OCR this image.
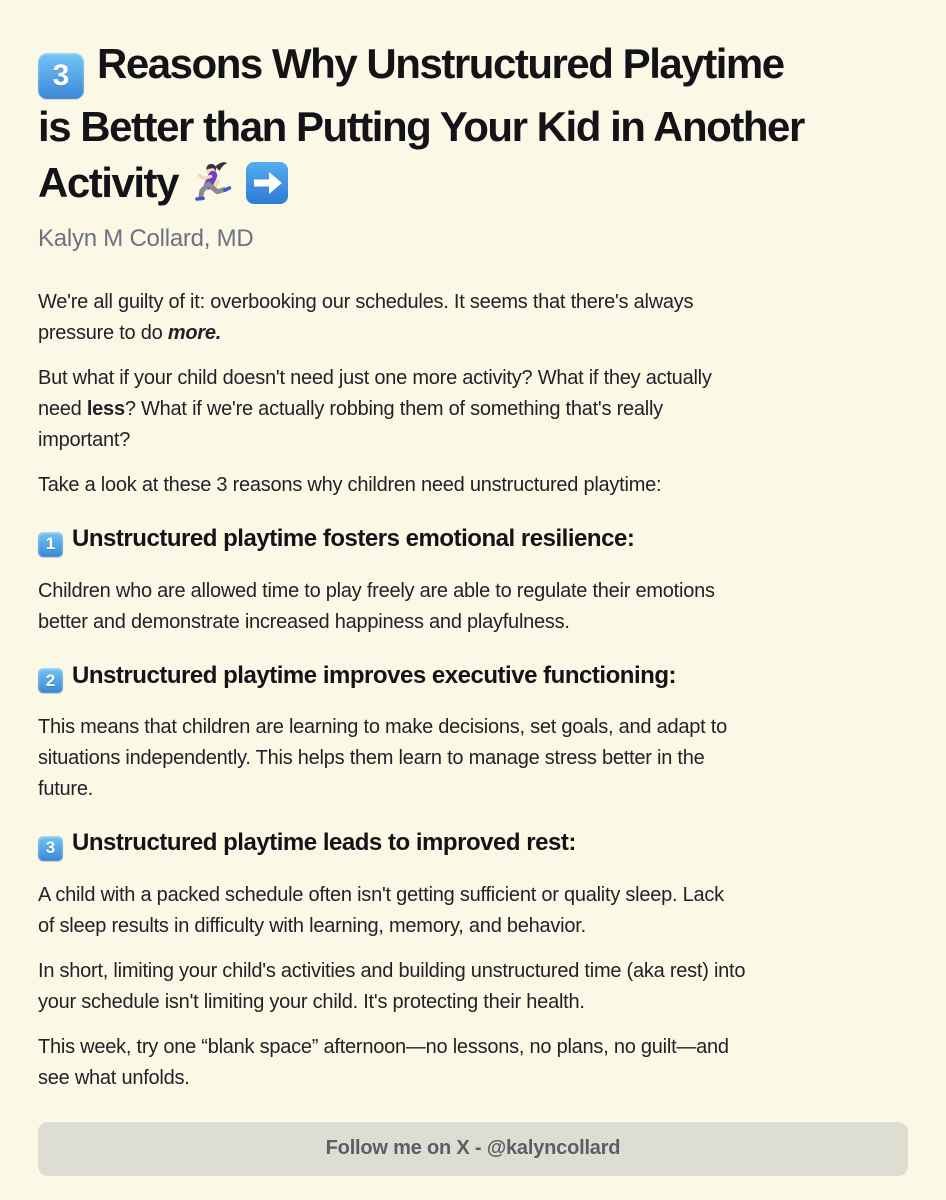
3 Reasons Why Unstructured Playtime
is Better than Putting Your Kid in Another
Activity
Kalyn M Collard, MD

We're all guilty of it: overbooking our schedules. It seems that there's always
pressure to do more.

But what if your child doesn't need just one more activity? What if they actually
need less? What if we're actually robbing them of something that's really
important?

Take a look at these 3 reasons why children need unstructured playtime:

1 Unstructured playtime fosters emotional resilience:

Children who are allowed time to play freely are able to regulate their emotions
better and demonstrate increased happiness and playfulness.

2 Unstructured playtime improves executive functioning:

This means that children are learning to make decisions, set goals, and adapt to
situations independently. This helps them learn to manage stress better in the
future.

3 Unstructured playtime leads to improved rest:

A child with a packed schedule often isn't getting sufficient or quality sleep. Lack
of sleep results in difficulty with learning, memory, and behavior.

In short, limiting your child's activities and building unstructured time (aka rest) into
your schedule isn't limiting your child. It's protecting their health.

This week, try one “blank space” afternoon—no lessons, no plans, no guilt—and
see what unfolds.

Follow me on X - @kalyncollard
